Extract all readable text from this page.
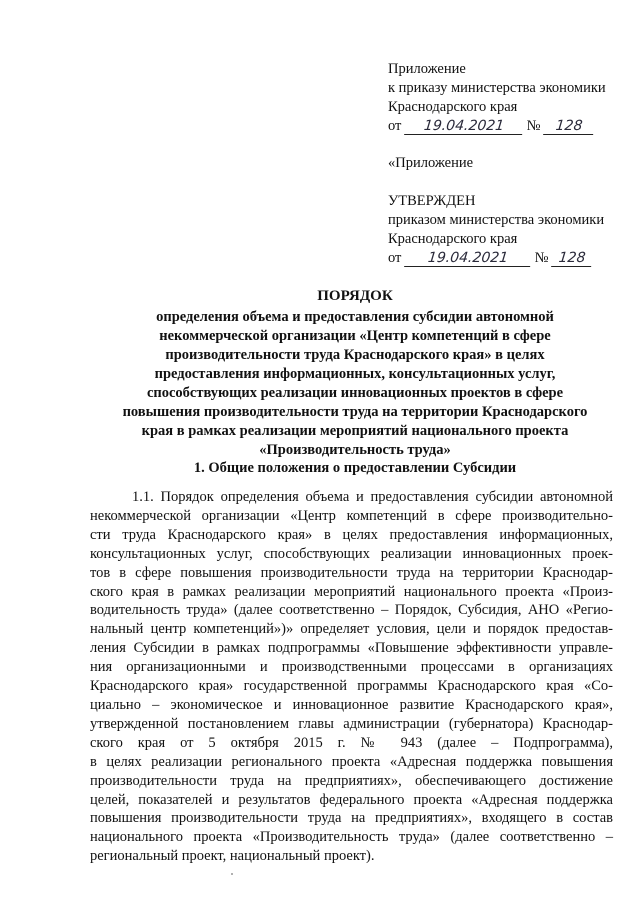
Приложение
к приказу министерства экономики
Краснодарского края
от 19.04.2021 № 128
«Приложение
УТВЕРЖДЕН
приказом министерства экономики
Краснодарского края
от 19.04.2021 № 128
ПОРЯДОК
определения объема и предоставления субсидии автономной
некоммерческой организации «Центр компетенций в сфере
производительности труда Краснодарского края» в целях
предоставления информационных, консультационных услуг,
способствующих реализации инновационных проектов в сфере
повышения производительности труда на территории Краснодарского
края в рамках реализации мероприятий национального проекта
«Производительность труда»
1. Общие положения о предоставлении Субсидии
1.1. Порядок определения объема и предоставления субсидии автономной
некоммерческой организации «Центр компетенций в сфере производительно-
сти труда Краснодарского края» в целях предоставления информационных,
консультационных услуг, способствующих реализации инновационных проек-
тов в сфере повышения производительности труда на территории Краснодар-
ского края в рамках реализации мероприятий национального проекта «Произ-
водительность труда» (далее соответственно – Порядок, Субсидия, АНО «Регио-
нальный центр компетенций»)» определяет условия, цели и порядок предостав-
ления Субсидии в рамках подпрограммы «Повышение эффективности управле-
ния организационными и производственными процессами в организациях
Краснодарского края» государственной программы Краснодарского края «Со-
циально – экономическое и инновационное развитие Краснодарского края»,
утвержденной постановлением главы администрации (губернатора) Краснодар-
ского края от 5 октября 2015 г. № 943 (далее – Подпрограмма),
в целях реализации регионального проекта «Адресная поддержка повышения
производительности труда на предприятиях», обеспечивающего достижение
целей, показателей и результатов федерального проекта «Адресная поддержка
повышения производительности труда на предприятиях», входящего в состав
национального проекта «Производительность труда» (далее соответственно –
региональный проект, национальный проект).
